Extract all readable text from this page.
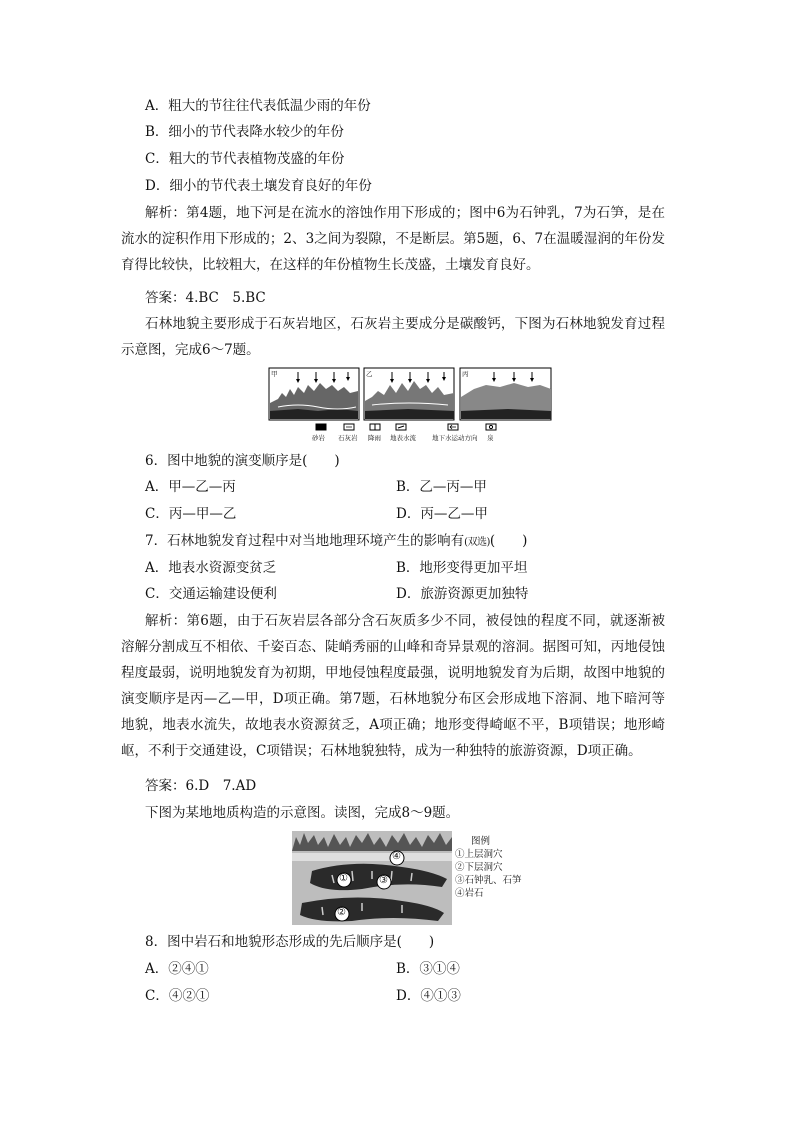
A．粗大的节往往代表低温少雨的年份
B．细小的节代表降水较少的年份
C．粗大的节代表植物茂盛的年份
D．细小的节代表土壤发育良好的年份
解析：第4题，地下河是在流水的溶蚀作用下形成的；图中6为石钟乳，7为石笋，是在流水的淀积作用下形成的；2、3之间为裂隙，不是断层。第5题，6、7在温暖湿润的年份发育得比较快，比较粗大，在这样的年份植物生长茂盛，土壤发育良好。
答案：4.BC　5.BC
石林地貌主要形成于石灰岩地区，石灰岩主要成分是碳酸钙，下图为石林地貌发育过程示意图，完成6～7题。
甲	乙	丙
砂岩 石灰岩 降雨 地表水流 地下水运动方向 泉
6．图中地貌的演变顺序是(　　)
A．甲—乙—丙	B．乙—丙—甲
C．丙—甲—乙	D．丙—乙—甲
7．石林地貌发育过程中对当地地理环境产生的影响有(双选)(　　)
A．地表水资源变贫乏	B．地形变得更加平坦
C．交通运输建设便利	D．旅游资源更加独特
解析：第6题，由于石灰岩层各部分含石灰质多少不同，被侵蚀的程度不同，就逐渐被溶解分割成互不相依、千姿百态、陡峭秀丽的山峰和奇异景观的溶洞。据图可知，丙地侵蚀程度最弱，说明地貌发育为初期，甲地侵蚀程度最强，说明地貌发育为后期，故图中地貌的演变顺序是丙—乙—甲，D项正确。第7题，石林地貌分布区会形成地下溶洞、地下暗河等地貌，地表水流失，故地表水资源贫乏，A项正确；地形变得崎岖不平，B项错误；地形崎岖，不利于交通建设，C项错误；石林地貌独特，成为一种独特的旅游资源，D项正确。
答案：6.D　7.AD
下图为某地地质构造的示意图。读图，完成8～9题。
④
①	③
②
图例
①上层洞穴
②下层洞穴
③石钟乳、石笋
④岩石
8．图中岩石和地貌形态形成的先后顺序是(　　)
A．②④①	B．③①④
C．④②①	D．④①③
